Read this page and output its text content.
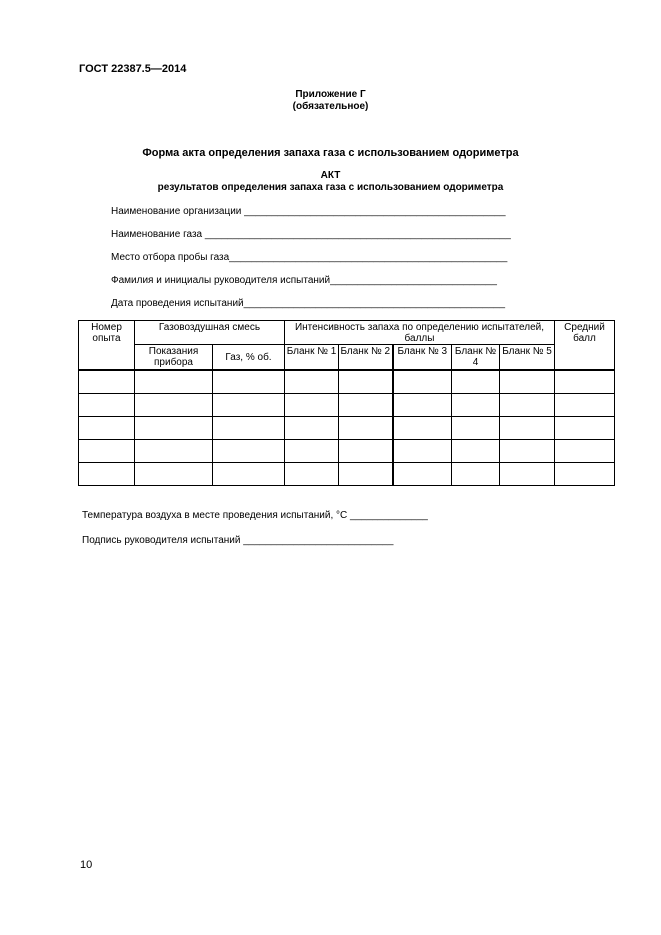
ГОСТ 22387.5—2014
Приложение Г
(обязательное)
Форма акта определения запаха газа с использованием одориметра
АКТ
результатов определения запаха газа с использованием одориметра
Наименование организации _______________________________________________
Наименование газа _______________________________________________________
Место отбора пробы газа__________________________________________________
Фамилия и инициалы руководителя испытаний______________________________
Дата проведения испытаний_______________________________________________
Номер опыта	Газовоздушная смесь		Интенсивность запаха по определению испытателей, баллы					Средний балл
	Показания прибора	Газ, % об.	Бланк № 1	Бланк № 2	Бланк № 3	Бланк № 4	Бланк № 5	

Температура воздуха в месте проведения испытаний, °С ______________
Подпись руководителя испытаний ___________________________
10
